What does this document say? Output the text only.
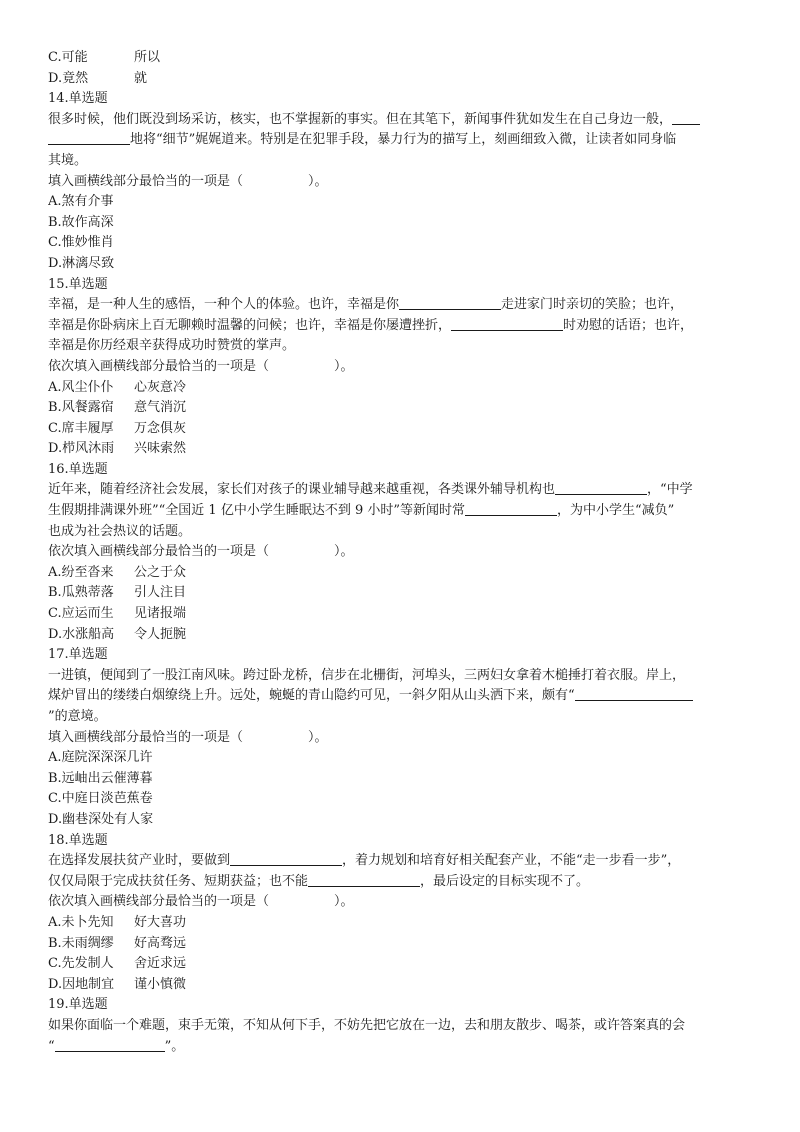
C.可能	所以
D.竟然	就
14.单选题
很多时候，他们既没到场采访，核实，也不掌握新的事实。但在其笔下，新闻事件犹如发生在自己身边一般，
地将“细节”娓娓道来。特别是在犯罪手段，暴力行为的描写上，刻画细致入微，让读者如同身临
其境。
填入画横线部分最恰当的一项是（　　　　　）。
A.煞有介事
B.故作高深
C.惟妙惟肖
D.淋漓尽致
15.单选题
幸福，是一种人生的感悟，一种个人的体验。也许，幸福是你	走进家门时亲切的笑脸；也许，
幸福是你卧病床上百无聊赖时温馨的问候；也许，幸福是你屡遭挫折，	时劝慰的话语；也许，
幸福是你历经艰辛获得成功时赞赏的掌声。
依次填入画横线部分最恰当的一项是（　　　　　）。
A.风尘仆仆 心灰意冷
B.风餐露宿 意气消沉
C.席丰履厚 万念俱灰
D.栉风沐雨 兴味索然
16.单选题
近年来，随着经济社会发展，家长们对孩子的课业辅导越来越重视，各类课外辅导机构也	，“中学
生假期排满课外班”“全国近 1 亿中小学生睡眠达不到 9 小时”等新闻时常	，为中小学生“减负”
也成为社会热议的话题。
依次填入画横线部分最恰当的一项是（　　　　　）。
A.纷至沓来 公之于众
B.瓜熟蒂落 引人注目
C.应运而生 见诸报端
D.水涨船高 令人扼腕
17.单选题
一进镇，便闻到了一股江南风味。跨过卧龙桥，信步在北栅街，河埠头，三两妇女拿着木槌捶打着衣服。岸上，
煤炉冒出的缕缕白烟缭绕上升。远处，蜿蜒的青山隐约可见，一斜夕阳从山头洒下来，颇有“
”的意境。
填入画横线部分最恰当的一项是（　　　　　）。
A.庭院深深深几许
B.远岫出云催薄暮
C.中庭日淡芭蕉卷
D.幽巷深处有人家
18.单选题
在选择发展扶贫产业时，要做到	，着力规划和培育好相关配套产业，不能“走一步看一步”，
仅仅局限于完成扶贫任务、短期获益；也不能	，最后设定的目标实现不了。
依次填入画横线部分最恰当的一项是（　　　　　）。
A.未卜先知 好大喜功
B.未雨绸缪 好高骛远
C.先发制人 舍近求远
D.因地制宜 谨小慎微
19.单选题
如果你面临一个难题，束手无策，不知从何下手，不妨先把它放在一边，去和朋友散步、喝茶，或许答案真的会
“	”。
